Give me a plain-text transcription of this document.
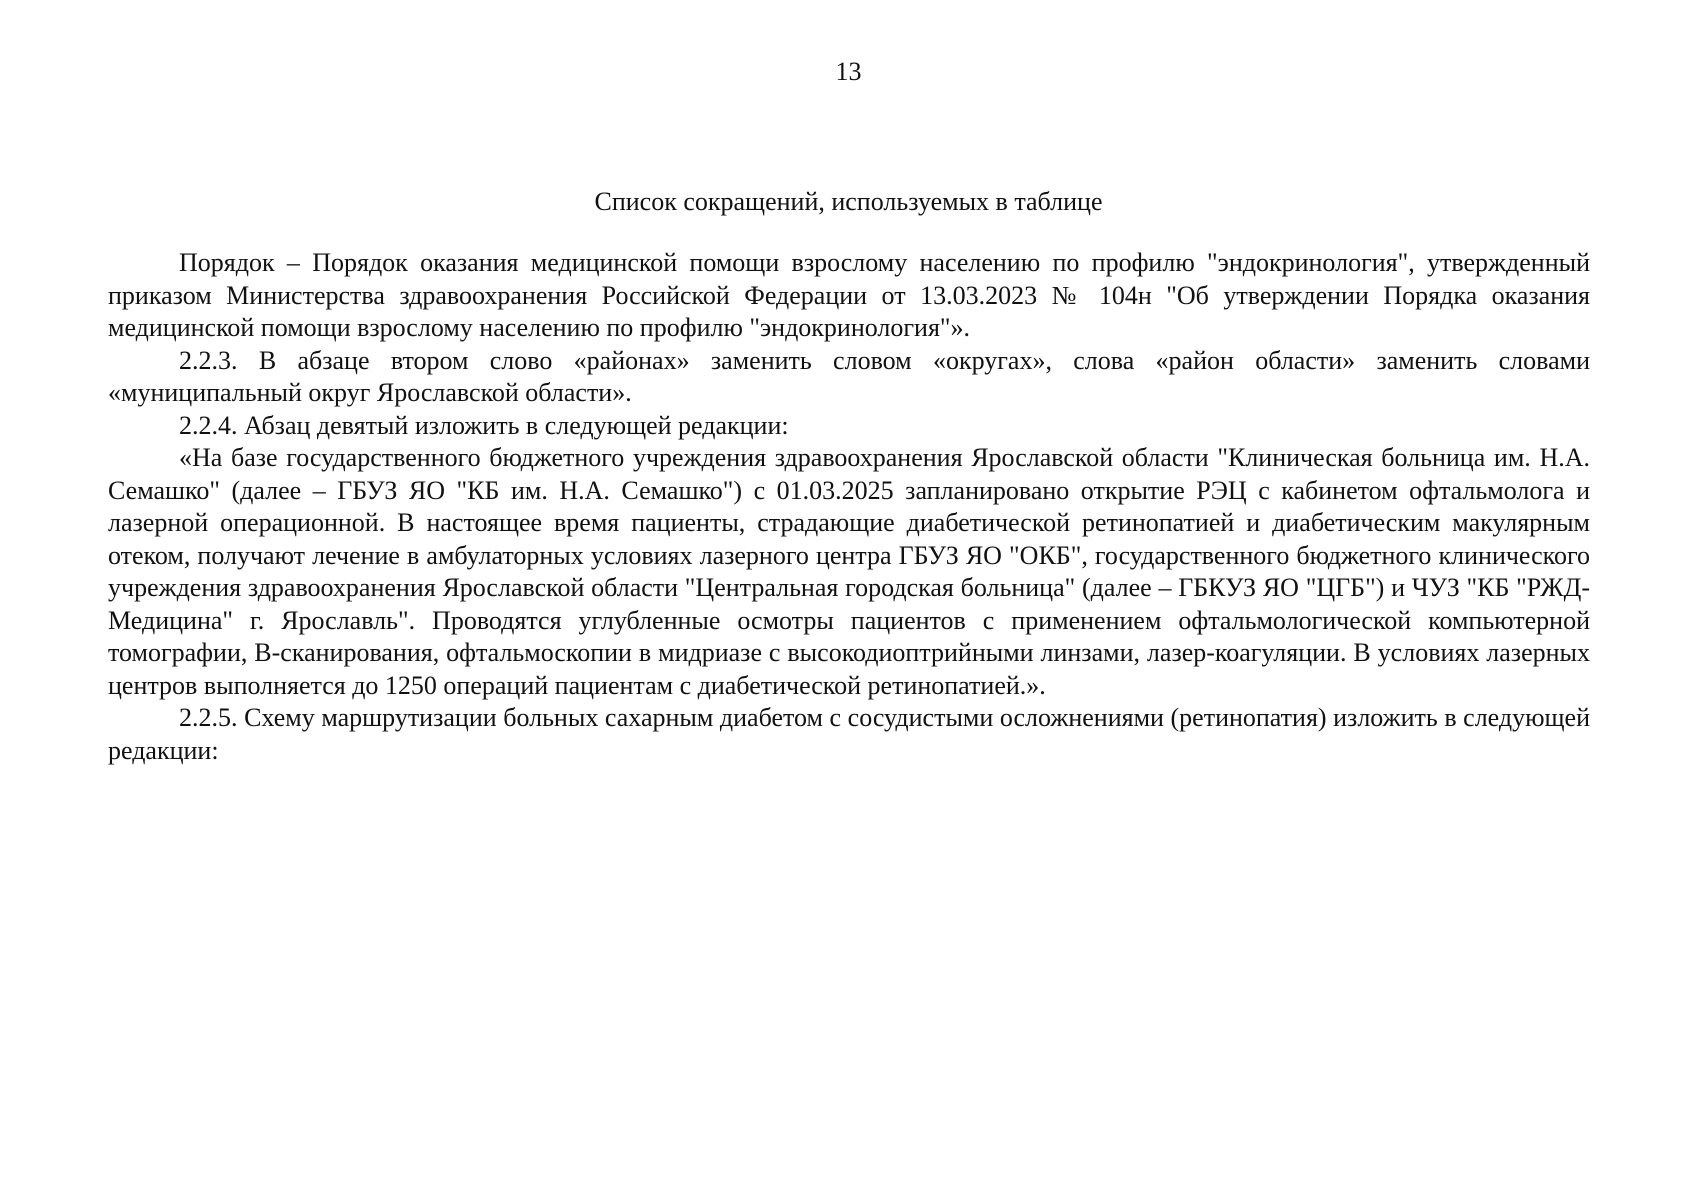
13
Список сокращений, используемых в таблице

Порядок – Порядок оказания медицинской помощи взрослому населению по профилю "эндокринология", утвержденный приказом Министерства здравоохранения Российской Федерации от 13.03.2023 № 104н "Об утверждении Порядка оказания медицинской помощи взрослому населению по профилю "эндокринология"».

2.2.3. В абзаце втором слово «районах» заменить словом «округах», слова «район области» заменить словами «муниципальный округ Ярославской области».

2.2.4. Абзац девятый изложить в следующей редакции:

«На базе государственного бюджетного учреждения здравоохранения Ярославской области "Клиническая больница им. Н.А. Семашко" (далее – ГБУЗ ЯО "КБ им. Н.А. Семашко") с 01.03.2025 запланировано открытие РЭЦ с кабинетом офтальмолога и лазерной операционной. В настоящее время пациенты, страдающие диабетической ретинопатией и диабетическим макулярным отеком, получают лечение в амбулаторных условиях лазерного центра ГБУЗ ЯО "ОКБ", государственного бюджетного клинического учреждения здравоохранения Ярославской области "Центральная городская больница" (далее – ГБКУЗ ЯО "ЦГБ") и ЧУЗ "КБ "РЖД-Медицина" г. Ярославль". Проводятся углубленные осмотры пациентов с применением офтальмологической компьютерной томографии, В-сканирования, офтальмоскопии в мидриазе с высокодиоптрийными линзами, лазер-коагуляции. В условиях лазерных центров выполняется до 1250 операций пациентам с диабетической ретинопатией.».

2.2.5. Схему маршрутизации больных сахарным диабетом с сосудистыми осложнениями (ретинопатия) изложить в следующей редакции:
